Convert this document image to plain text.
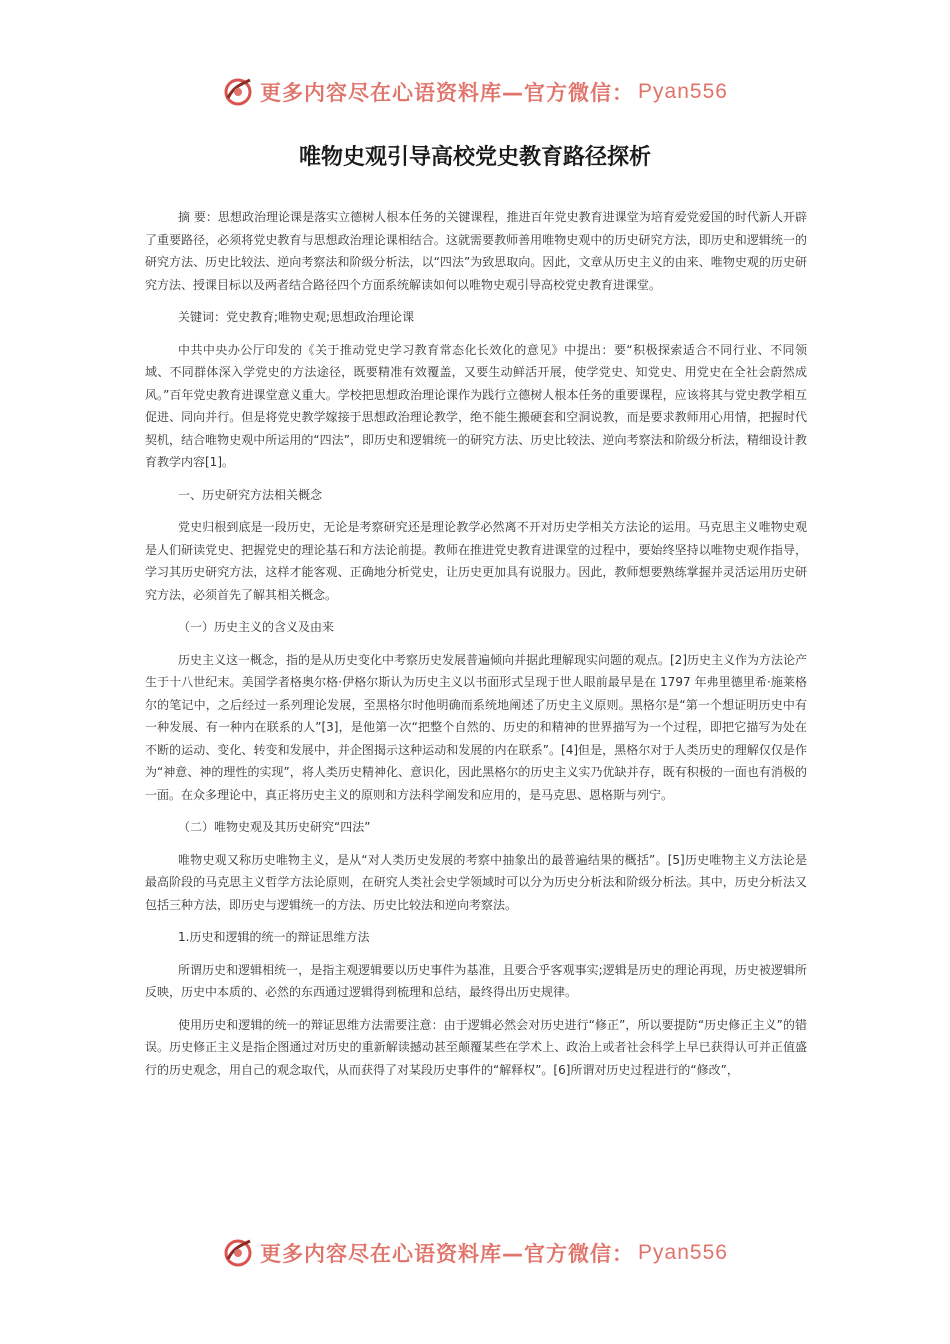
更多内容尽在心语资料库—官方微信： Pyan556
唯物史观引导高校党史教育路径探析

摘 要：思想政治理论课是落实立德树人根本任务的关键课程，推进百年党史教育进课堂为培育爱党爱国的时代新人开辟了重要路径，必须将党史教育与思想政治理论课相结合。这就需要教师善用唯物史观中的历史研究方法，即历史和逻辑统一的研究方法、历史比较法、逆向考察法和阶级分析法，以“四法”为致思取向。因此，文章从历史主义的由来、唯物史观的历史研究方法、授课目标以及两者结合路径四个方面系统解读如何以唯物史观引导高校党史教育进课堂。

关键词：党史教育;唯物史观;思想政治理论课

中共中央办公厅印发的《关于推动党史学习教育常态化长效化的意见》中提出：要“积极探索适合不同行业、不同领域、不同群体深入学党史的方法途径，既要精准有效覆盖，又要生动鲜活开展，使学党史、知党史、用党史在全社会蔚然成风。”百年党史教育进课堂意义重大。学校把思想政治理论课作为践行立德树人根本任务的重要课程，应该将其与党史教学相互促进、同向并行。但是将党史教学嫁接于思想政治理论教学，绝不能生搬硬套和空洞说教，而是要求教师用心用情，把握时代契机，结合唯物史观中所运用的“四法”，即历史和逻辑统一的研究方法、历史比较法、逆向考察法和阶级分析法，精细设计教育教学内容[1]。

一、历史研究方法相关概念

党史归根到底是一段历史，无论是考察研究还是理论教学必然离不开对历史学相关方法论的运用。马克思主义唯物史观是人们研读党史、把握党史的理论基石和方法论前提。教师在推进党史教育进课堂的过程中，要始终坚持以唯物史观作指导，学习其历史研究方法，这样才能客观、正确地分析党史，让历史更加具有说服力。因此，教师想要熟练掌握并灵活运用历史研究方法，必须首先了解其相关概念。

（一）历史主义的含义及由来

历史主义这一概念，指的是从历史变化中考察历史发展普遍倾向并据此理解现实问题的观点。[2]历史主义作为方法论产生于十八世纪末。美国学者格奥尔格·伊格尔斯认为历史主义以书面形式呈现于世人眼前最早是在 1797 年弗里德里希·施莱格尔的笔记中，之后经过一系列理论发展，至黑格尔时他明确而系统地阐述了历史主义原则。黑格尔是“第一个想证明历史中有一种发展、有一种内在联系的人”[3]，是他第一次“把整个自然的、历史的和精神的世界描写为一个过程，即把它描写为处在不断的运动、变化、转变和发展中，并企图揭示这种运动和发展的内在联系”。[4]但是，黑格尔对于人类历史的理解仅仅是作为“神意、神的理性的实现”，将人类历史精神化、意识化，因此黑格尔的历史主义实乃优缺并存，既有积极的一面也有消极的一面。在众多理论中，真正将历史主义的原则和方法科学阐发和应用的，是马克思、恩格斯与列宁。

（二）唯物史观及其历史研究“四法”

唯物史观又称历史唯物主义，是从“对人类历史发展的考察中抽象出的最普遍结果的概括”。[5]历史唯物主义方法论是最高阶段的马克思主义哲学方法论原则，在研究人类社会史学领域时可以分为历史分析法和阶级分析法。其中，历史分析法又包括三种方法，即历史与逻辑统一的方法、历史比较法和逆向考察法。

1.历史和逻辑的统一的辩证思维方法

所谓历史和逻辑相统一，是指主观逻辑要以历史事件为基准，且要合乎客观事实;逻辑是历史的理论再现，历史被逻辑所反映，历史中本质的、必然的东西通过逻辑得到梳理和总结，最终得出历史规律。

使用历史和逻辑的统一的辩证思维方法需要注意：由于逻辑必然会对历史进行“修正”，所以要提防“历史修正主义”的错误。历史修正主义是指企图通过对历史的重新解读撼动甚至颠覆某些在学术上、政治上或者社会科学上早已获得认可并正值盛行的历史观念，用自己的观念取代，从而获得了对某段历史事件的“解释权”。[6]所谓对历史过程进行的“修改”，

更多内容尽在心语资料库—官方微信： Pyan556
